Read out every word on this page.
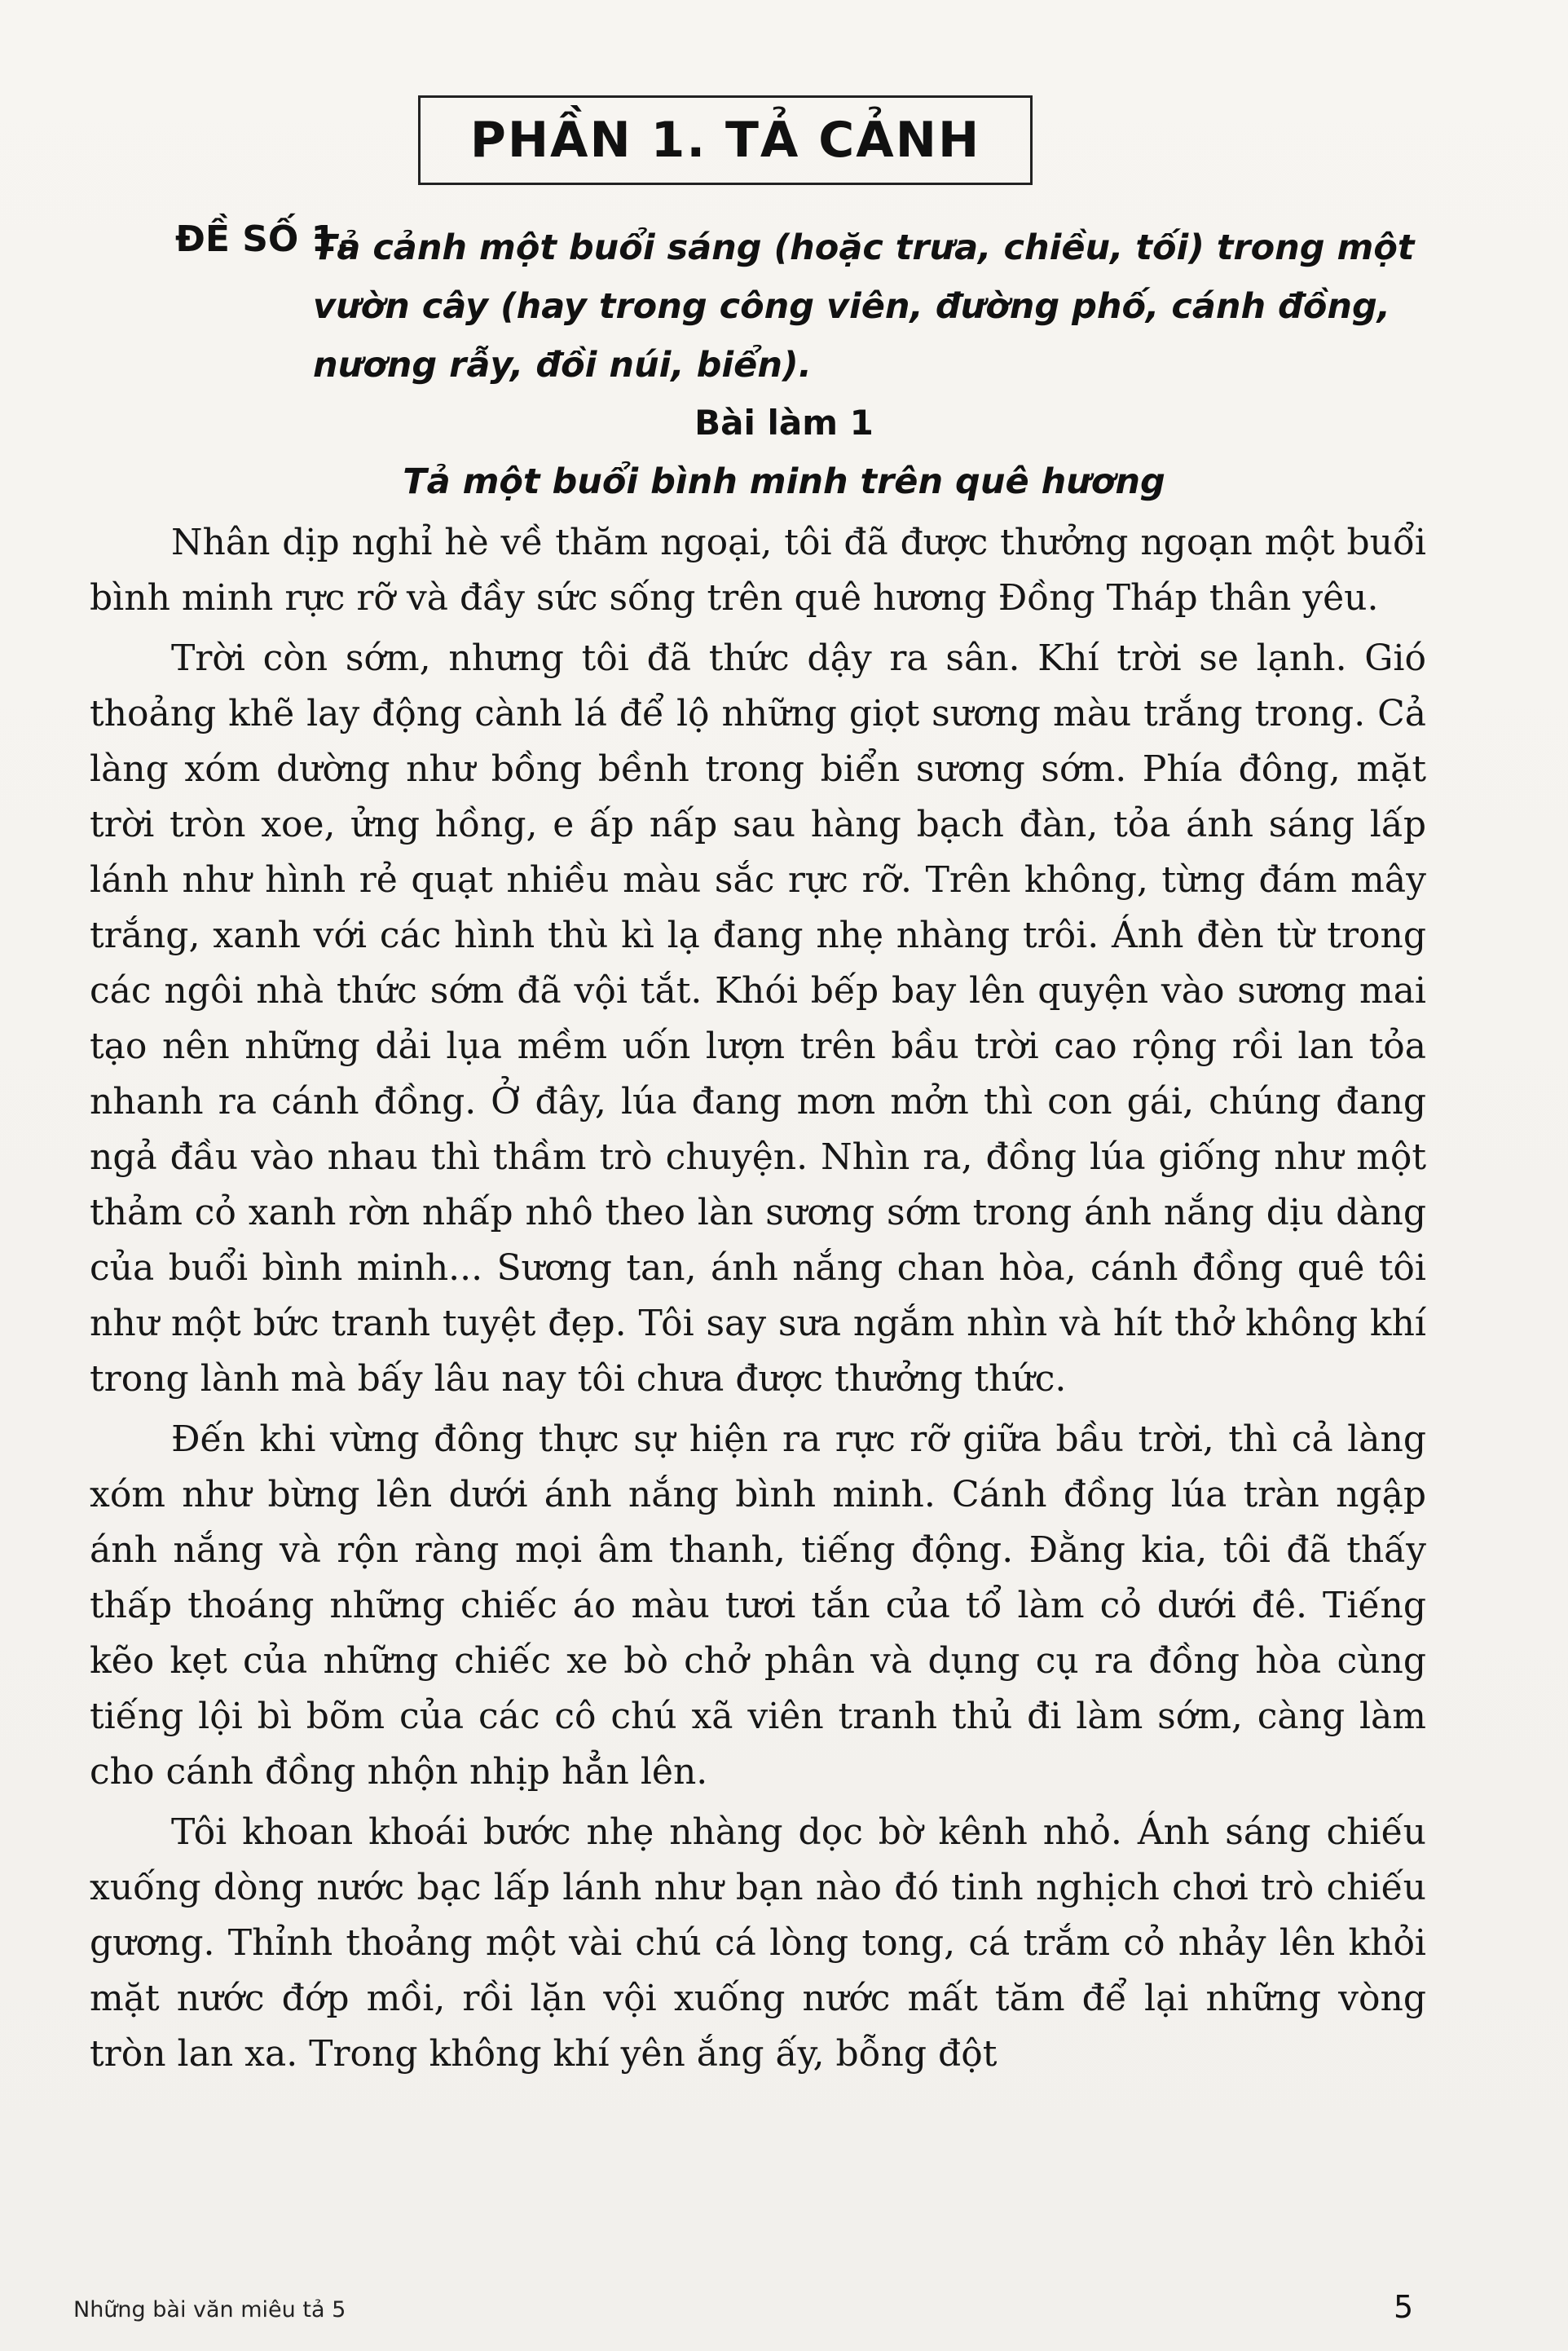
PHẦN 1. TẢ CẢNH
ĐỀ SỐ 1.
Tả cảnh một buổi sáng (hoặc trưa, chiều, tối) trong một vườn cây (hay trong công viên, đường phố, cánh đồng, nương rẫy, đồi núi, biển).
Bài làm 1
Tả một buổi bình minh trên quê hương

Nhân dịp nghỉ hè về thăm ngoại, tôi đã được thưởng ngoạn một buổi bình minh rực rỡ và đầy sức sống trên quê hương Đồng Tháp thân yêu.

Trời còn sớm, nhưng tôi đã thức dậy ra sân. Khí trời se lạnh. Gió thoảng khẽ lay động cành lá để lộ những giọt sương màu trắng trong. Cả làng xóm dường như bồng bềnh trong biển sương sớm. Phía đông, mặt trời tròn xoe, ửng hồng, e ấp nấp sau hàng bạch đàn, tỏa ánh sáng lấp lánh như hình rẻ quạt nhiều màu sắc rực rỡ. Trên không, từng đám mây trắng, xanh với các hình thù kì lạ đang nhẹ nhàng trôi. Ánh đèn từ trong các ngôi nhà thức sớm đã vội tắt. Khói bếp bay lên quyện vào sương mai tạo nên những dải lụa mềm uốn lượn trên bầu trời cao rộng rồi lan tỏa nhanh ra cánh đồng. Ở đây, lúa đang mơn mởn thì con gái, chúng đang ngả đầu vào nhau thì thầm trò chuyện. Nhìn ra, đồng lúa giống như một thảm cỏ xanh rờn nhấp nhô theo làn sương sớm trong ánh nắng dịu dàng của buổi bình minh... Sương tan, ánh nắng chan hòa, cánh đồng quê tôi như một bức tranh tuyệt đẹp. Tôi say sưa ngắm nhìn và hít thở không khí trong lành mà bấy lâu nay tôi chưa được thưởng thức.

Đến khi vừng đông thực sự hiện ra rực rỡ giữa bầu trời, thì cả làng xóm như bừng lên dưới ánh nắng bình minh. Cánh đồng lúa tràn ngập ánh nắng và rộn ràng mọi âm thanh, tiếng động. Đằng kia, tôi đã thấy thấp thoáng những chiếc áo màu tươi tắn của tổ làm cỏ dưới đê. Tiếng kẽo kẹt của những chiếc xe bò chở phân và dụng cụ ra đồng hòa cùng tiếng lội bì bõm của các cô chú xã viên tranh thủ đi làm sớm, càng làm cho cánh đồng nhộn nhịp hẳn lên.

Tôi khoan khoái bước nhẹ nhàng dọc bờ kênh nhỏ. Ánh sáng chiếu xuống dòng nước bạc lấp lánh như bạn nào đó tinh nghịch chơi trò chiếu gương. Thỉnh thoảng một vài chú cá lòng tong, cá trắm cỏ nhảy lên khỏi mặt nước đớp mồi, rồi lặn vội xuống nước mất tăm để lại những vòng tròn lan xa. Trong không khí yên ắng ấy, bỗng đột

Những bài văn miêu tả 5	5
